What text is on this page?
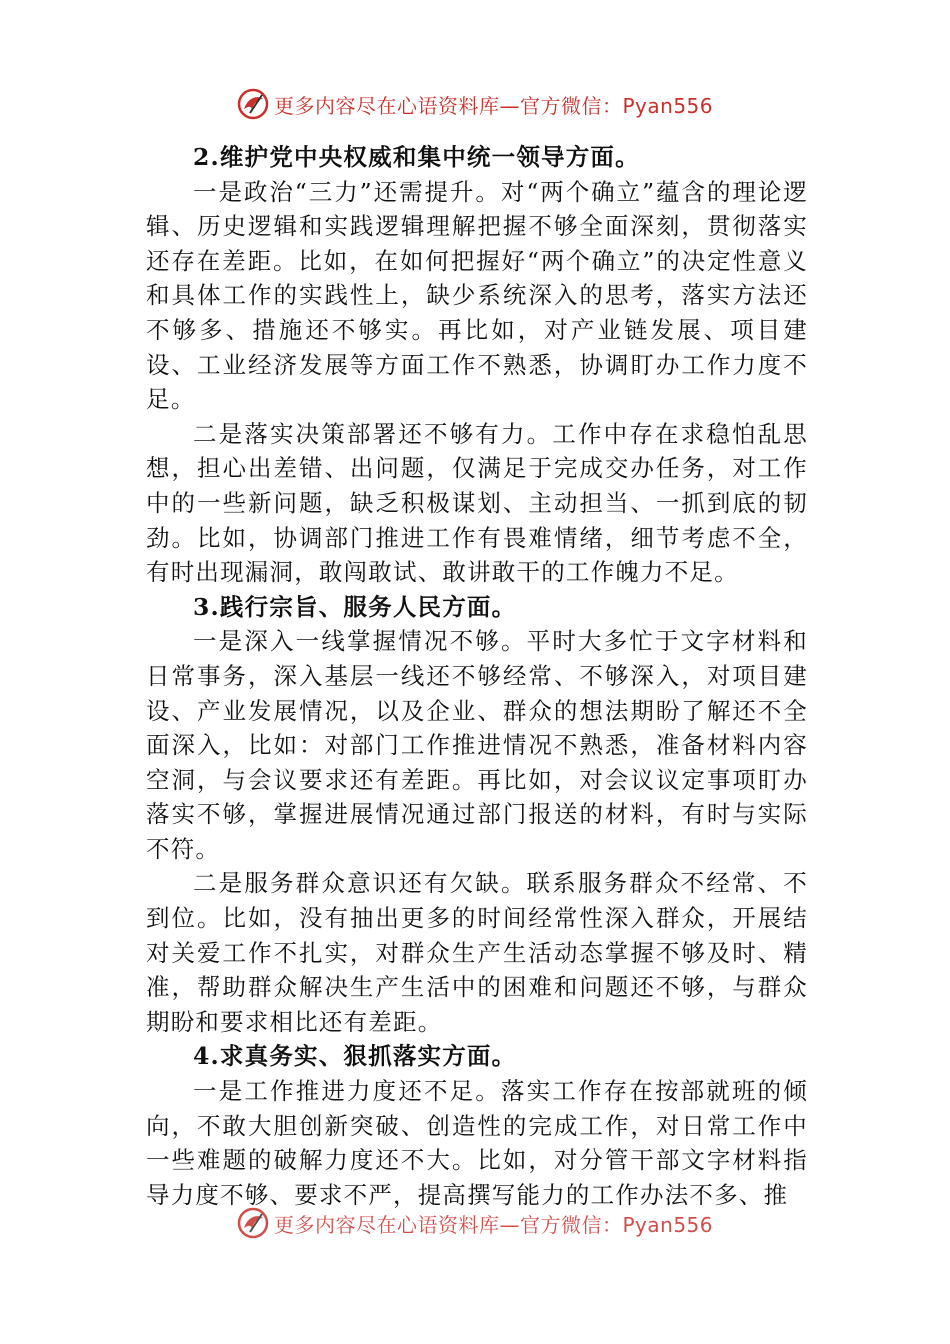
更多内容尽在心语资料库—官方微信：Pyan556

2.维护党中央权威和集中统一领导方面。

一是政治“三力”还需提升。对“两个确立”蕴含的理论逻辑、历史逻辑和实践逻辑理解把握不够全面深刻，贯彻落实还存在差距。比如，在如何把握好“两个确立”的决定性意义和具体工作的实践性上，缺少系统深入的思考，落实方法还不够多、措施还不够实。再比如，对产业链发展、项目建设、工业经济发展等方面工作不熟悉，协调盯办工作力度不足。

二是落实决策部署还不够有力。工作中存在求稳怕乱思想，担心出差错、出问题，仅满足于完成交办任务，对工作中的一些新问题，缺乏积极谋划、主动担当、一抓到底的韧劲。比如，协调部门推进工作有畏难情绪，细节考虑不全，有时出现漏洞，敢闯敢试、敢讲敢干的工作魄力不足。

3.践行宗旨、服务人民方面。

一是深入一线掌握情况不够。平时大多忙于文字材料和日常事务，深入基层一线还不够经常、不够深入，对项目建设、产业发展情况，以及企业、群众的想法期盼了解还不全面深入，比如：对部门工作推进情况不熟悉，准备材料内容空洞，与会议要求还有差距。再比如，对会议议定事项盯办落实不够，掌握进展情况通过部门报送的材料，有时与实际不符。

二是服务群众意识还有欠缺。联系服务群众不经常、不到位。比如，没有抽出更多的时间经常性深入群众，开展结对关爱工作不扎实，对群众生产生活动态掌握不够及时、精准，帮助群众解决生产生活中的困难和问题还不够，与群众期盼和要求相比还有差距。

4.求真务实、狠抓落实方面。

一是工作推进力度还不足。落实工作存在按部就班的倾向，不敢大胆创新突破、创造性的完成工作，对日常工作中一些难题的破解力度还不大。比如，对分管干部文字材料指导力度不够、要求不严，提高撰写能力的工作办法不多、推

更多内容尽在心语资料库—官方微信：Pyan556
